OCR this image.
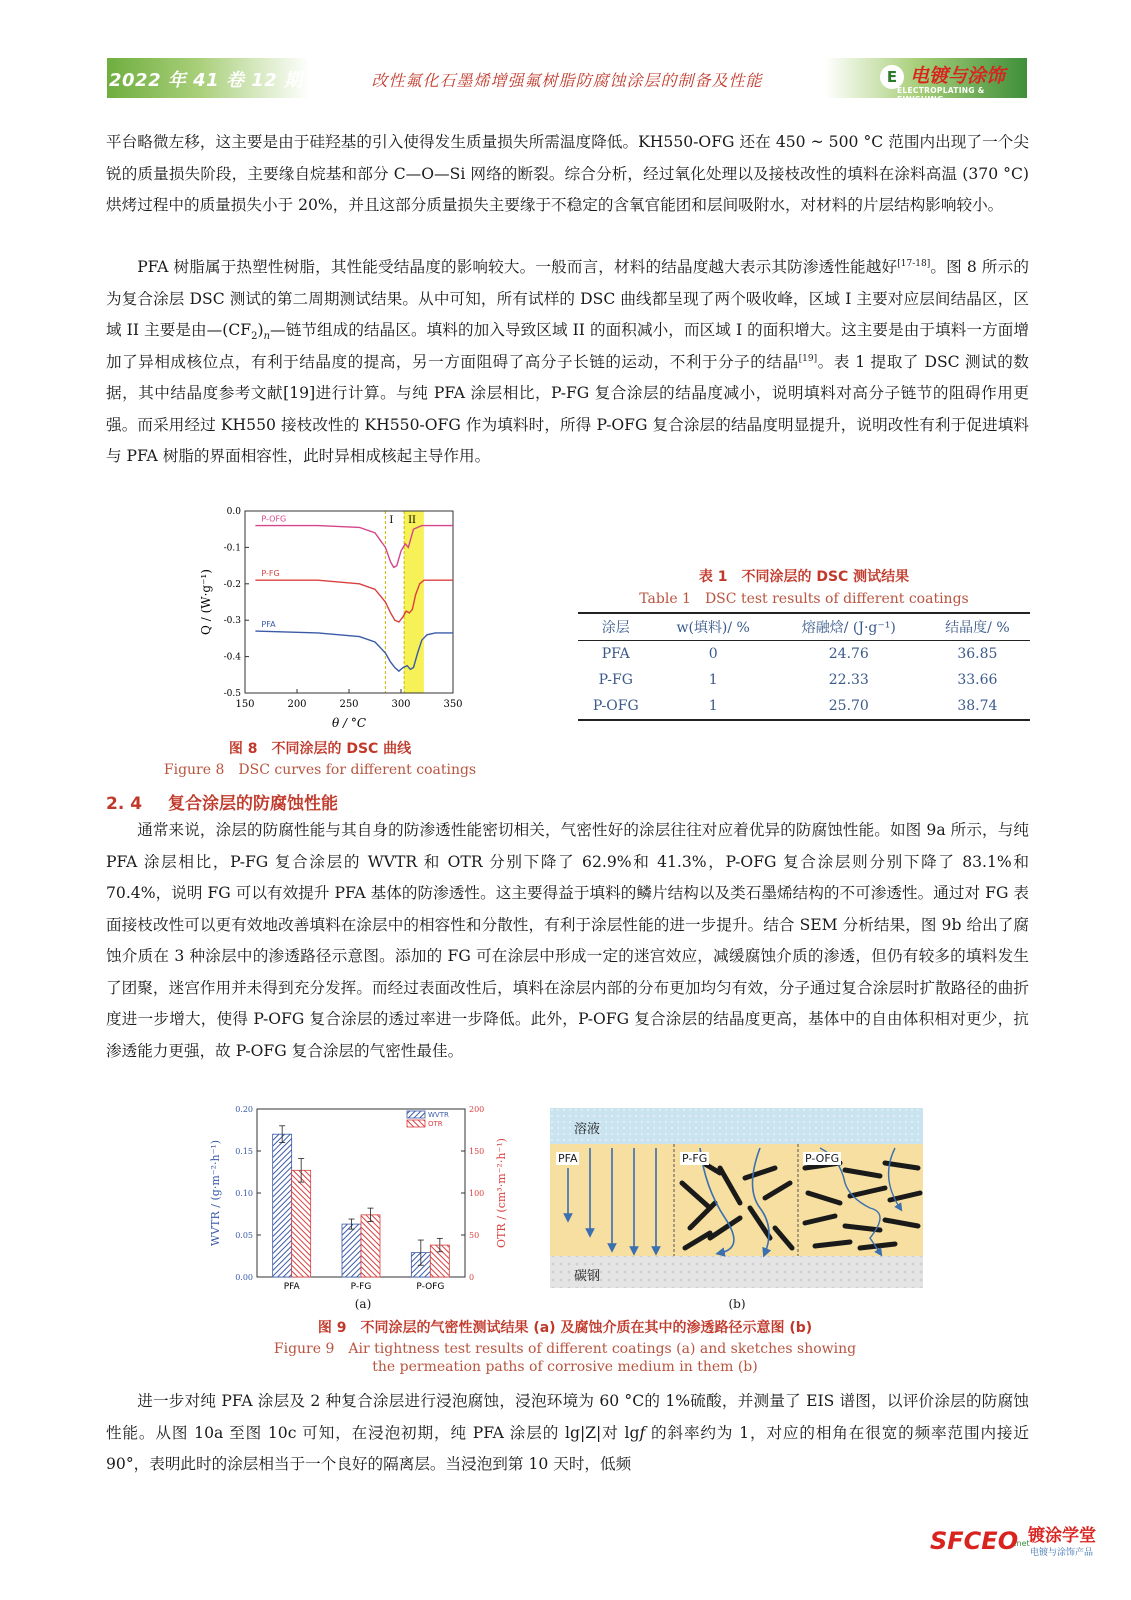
2022 年 41 卷 12 期	改性氟化石墨烯增强氟树脂防腐蚀涂层的制备及性能	E 电镀与涂饰
ELECTROPLATING & FINISHING

平台略微左移，这主要是由于硅羟基的引入使得发生质量损失所需温度降低。KH550-OFG 还在 450 ~ 500 °C 范围内出现了一个尖锐的质量损失阶段，主要缘自烷基和部分 C—O—Si 网络的断裂。综合分析，经过氧化处理以及接枝改性的填料在涂料高温 (370 °C) 烘烤过程中的质量损失小于 20%，并且这部分质量损失主要缘于不稳定的含氧官能团和层间吸附水，对材料的片层结构影响较小。

PFA 树脂属于热塑性树脂，其性能受结晶度的影响较大。一般而言，材料的结晶度越大表示其防渗透性能越好[17-18]。图 8 所示的为复合涂层 DSC 测试的第二周期测试结果。从中可知，所有试样的 DSC 曲线都呈现了两个吸收峰，区域 I 主要对应层间结晶区，区域 II 主要是由$—(CF_2)_n—$链节组成的结晶区。填料的加入导致区域 II 的面积减小，而区域 I 的面积增大。这主要是由于填料一方面增加了异相成核位点，有利于结晶度的提高，另一方面阻碍了高分子长链的运动，不利于分子的结晶[19]。表 1 提取了 DSC 测试的数据，其中结晶度参考文献[19]进行计算。与纯 PFA 涂层相比，P-FG 复合涂层的结晶度减小，说明填料对高分子链节的阻碍作用更强。而采用经过 KH550 接枝改性的 KH550-OFG 作为填料时，所得 P-OFG 复合涂层的结晶度明显提升，说明改性有利于促进填料与 PFA 树脂的界面相容性，此时异相成核起主导作用。

I II
150	200	250	300	350
0.0
-0.1
-0.2
-0.3
-0.4
-0.5
θ / °C
Q / (W·g⁻¹)
P-OFG
P-FG
PFA
图 8　不同涂层的 DSC 曲线
Figure 8　DSC curves for different coatings
表 1　不同涂层的 DSC 测试结果
Table 1　DSC test results of different coatings
涂层	w(填料)/ %	熔融焓/ (J·g⁻¹)	结晶度/ %
PFA	0	24.76	36.85
P-FG	1	22.33	33.66
P-OFG	1	25.70	38.74
2. 4 复合涂层的防腐蚀性能

通常来说，涂层的防腐性能与其自身的防渗透性能密切相关，气密性好的涂层往往对应着优异的防腐蚀性能。如图 9a 所示，与纯 PFA 涂层相比，P-FG 复合涂层的 WVTR 和 OTR 分别下降了 62.9%和 41.3%，P-OFG 复合涂层则分别下降了 83.1%和 70.4%，说明 FG 可以有效提升 PFA 基体的防渗透性。这主要得益于填料的鳞片结构以及类石墨烯结构的不可渗透性。通过对 FG 表面接枝改性可以更有效地改善填料在涂层中的相容性和分散性，有利于涂层性能的进一步提升。结合 SEM 分析结果，图 9b 给出了腐蚀介质在 3 种涂层中的渗透路径示意图。添加的 FG 可在涂层中形成一定的迷宫效应，减缓腐蚀介质的渗透，但仍有较多的填料发生了团聚，迷宫作用并未得到充分发挥。而经过表面改性后，填料在涂层内部的分布更加均匀有效，分子通过复合涂层时扩散路径的曲折度进一步增大，使得 P-OFG 复合涂层的透过率进一步降低。此外，P-OFG 复合涂层的结晶度更高，基体中的自由体积相对更少，抗渗透能力更强，故 P-OFG 复合涂层的气密性最佳。

0.00
0.05
0.10
0.15
0.20
0
50
100
150
200
WVTR / (g·m⁻²·h⁻¹)	OTR / (cm³·m⁻²·h⁻¹)
PFA	P-FG	P-OFG
WVTR
OTR
(a)
溶液
PFA	P-FG	P-OFG
碳钢
(b)
图 9　不同涂层的气密性测试结果 (a) 及腐蚀介质在其中的渗透路径示意图 (b)
Figure 9　Air tightness test results of different coatings (a) and sketches showing
the permeation paths of corrosive medium in them (b)

进一步对纯 PFA 涂层及 2 种复合涂层进行浸泡腐蚀，浸泡环境为 60 °C的 1%硫酸，并测量了 EIS 谱图，以评价涂层的防腐蚀性能。从图 10a 至图 10c 可知，在浸泡初期，纯 PFA 涂层的 lg|Z|对 lgf 的斜率约为 1，对应的相角在很宽的频率范围内接近 90°，表明此时的涂层相当于一个良好的隔离层。当浸泡到第 10 天时，低频

SFCEO
.net
镀涂学堂
电镀与涂饰产品
